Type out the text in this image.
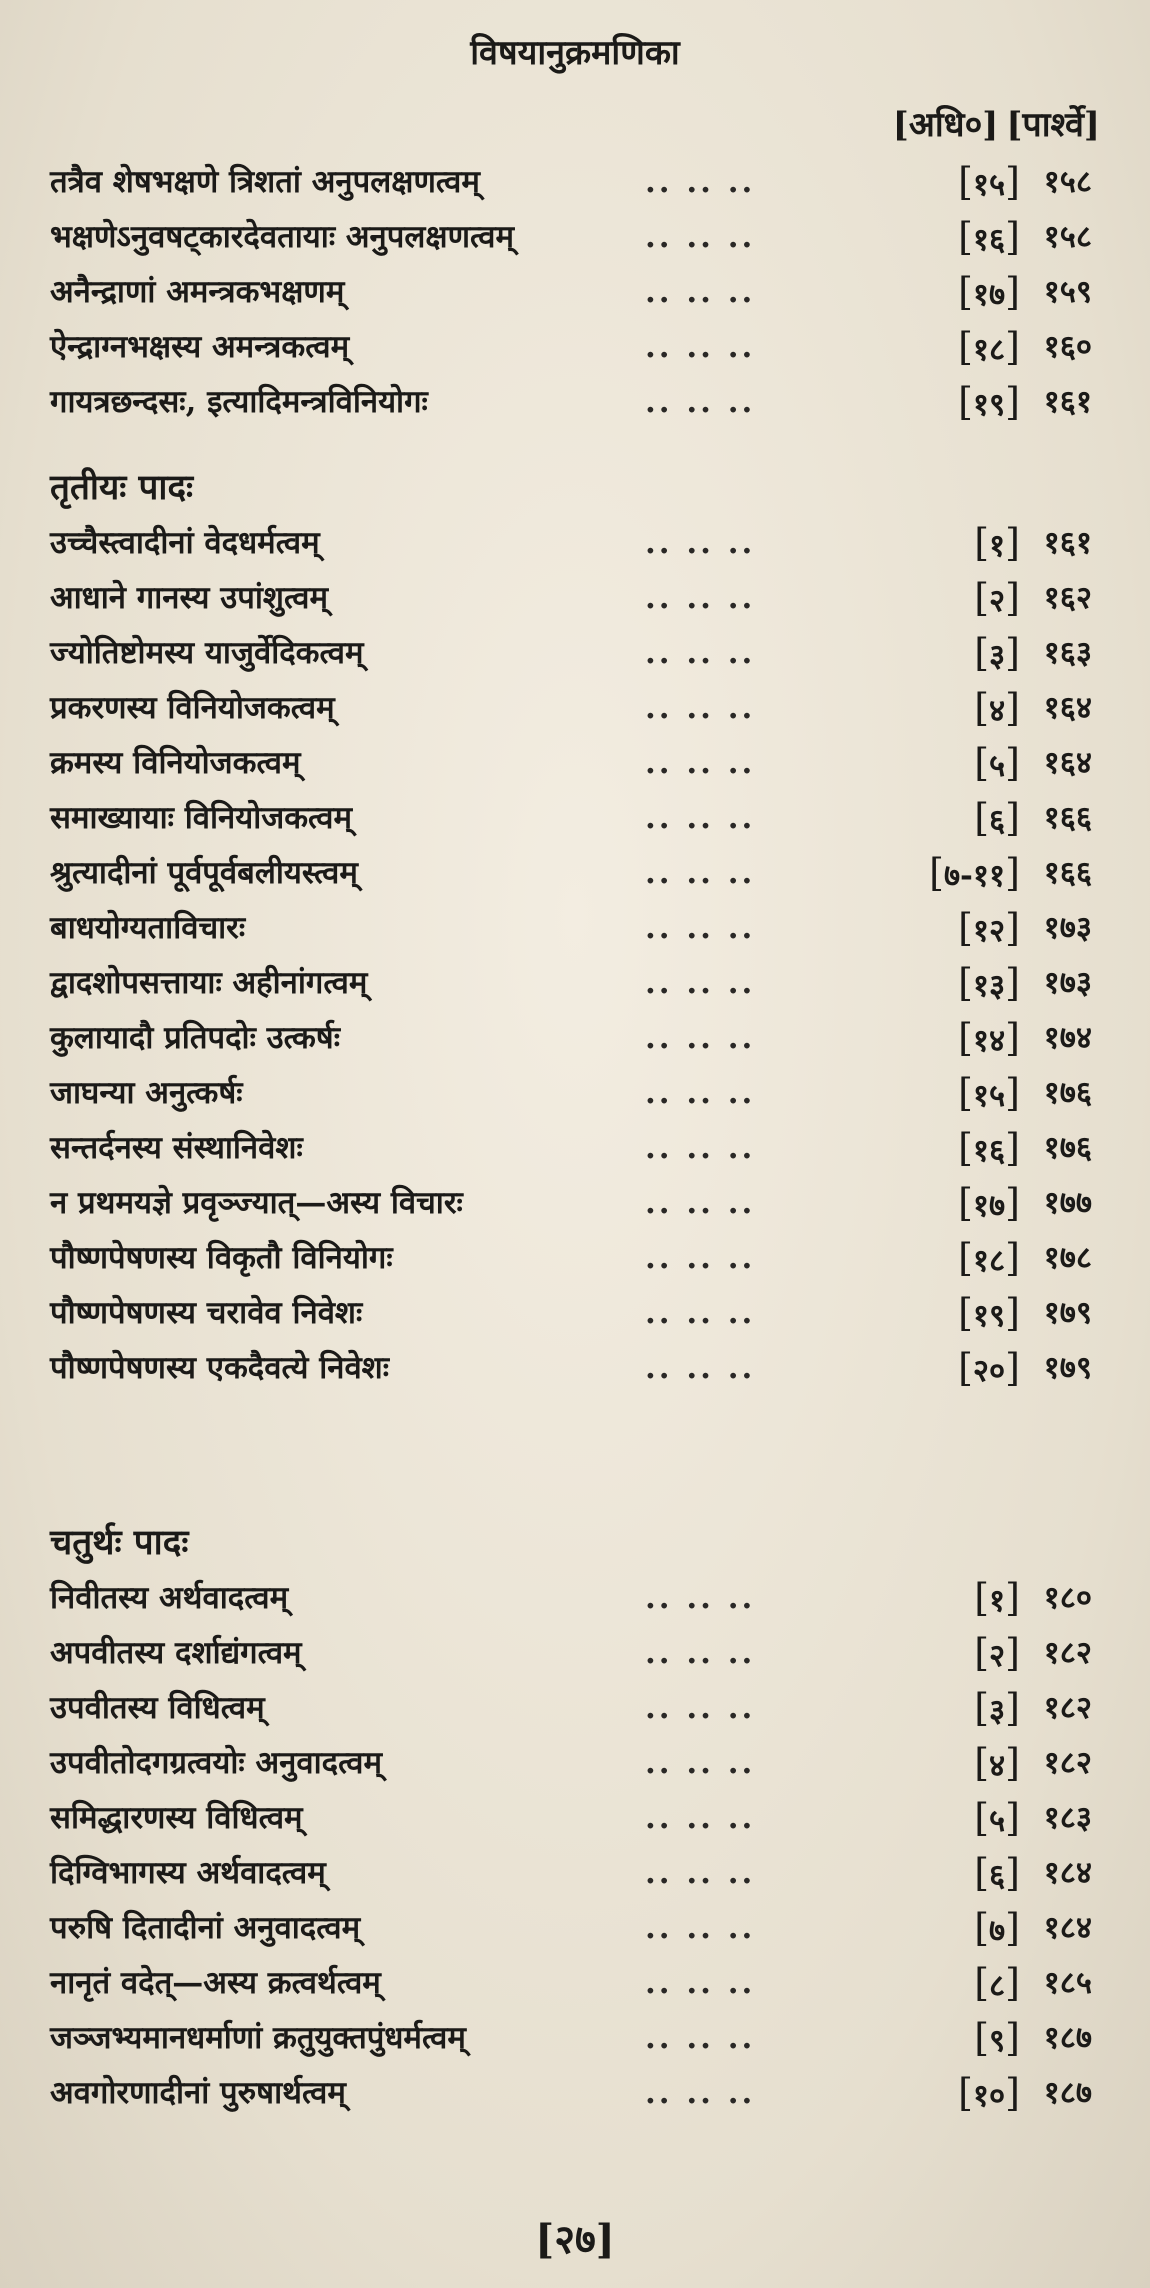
विषयानुक्रमणिका
[अधि०] [पार्श्वे]
तत्रैव शेषभक्षणे त्रिशतां अनुपलक्षणत्वम्	.. .. ..	[१५] १५८
भक्षणेऽनुवषट्कारदेवतायाः अनुपलक्षणत्वम्	.. .. ..	[१६] १५८
अनैन्द्राणां अमन्त्रकभक्षणम्	.. .. ..	[१७] १५९
ऐन्द्राग्नभक्षस्य अमन्त्रकत्वम्	.. .. ..	[१८] १६०
गायत्रछन्दसः, इत्यादिमन्त्रविनियोगः	.. .. ..	[१९] १६१
तृतीयः पादः
उच्चैस्त्वादीनां वेदधर्मत्वम्	.. .. ..	[१] १६१
आधाने गानस्य उपांशुत्वम्	.. .. ..	[२] १६२
ज्योतिष्टोमस्य याजुर्वेदिकत्वम्	.. .. ..	[३] १६३
प्रकरणस्य विनियोजकत्वम्	.. .. ..	[४] १६४
क्रमस्य विनियोजकत्वम्	.. .. ..	[५] १६४
समाख्यायाः विनियोजकत्वम्	.. .. ..	[६] १६६
श्रुत्यादीनां पूर्वपूर्वबलीयस्त्वम्	.. .. ..	[७-११] १६६
बाधयोग्यताविचारः	.. .. ..	[१२] १७३
द्वादशोपसत्तायाः अहीनांगत्वम्	.. .. ..	[१३] १७३
कुलायादौ प्रतिपदोः उत्कर्षः	.. .. ..	[१४] १७४
जाघन्या अनुत्कर्षः	.. .. ..	[१५] १७६
सन्तर्दनस्य संस्थानिवेशः	.. .. ..	[१६] १७६
न प्रथमयज्ञे प्रवृञ्ज्यात्—अस्य विचारः	.. .. ..	[१७] १७७
पौष्णपेषणस्य विकृतौ विनियोगः	.. .. ..	[१८] १७८
पौष्णपेषणस्य चरावेव निवेशः	.. .. ..	[१९] १७९
पौष्णपेषणस्य एकदैवत्ये निवेशः	.. .. ..	[२०] १७९
चतुर्थः पादः
निवीतस्य अर्थवादत्वम्	.. .. ..	[१] १८०
अपवीतस्य दर्शाद्यंगत्वम्	.. .. ..	[२] १८२
उपवीतस्य विधित्वम्	.. .. ..	[३] १८२
उपवीतोदगग्रत्वयोः अनुवादत्वम्	.. .. ..	[४] १८२
समिद्धारणस्य विधित्वम्	.. .. ..	[५] १८३
दिग्विभागस्य अर्थवादत्वम्	.. .. ..	[६] १८४
परुषि दितादीनां अनुवादत्वम्	.. .. ..	[७] १८४
नानृतं वदेत्—अस्य क्रत्वर्थत्वम्	.. .. ..	[८] १८५
जञ्जभ्यमानधर्माणां क्रतुयुक्तपुंधर्मत्वम्	.. .. ..	[९] १८७
अवगोरणादीनां पुरुषार्थत्वम्	.. .. ..	[१०] १८७
[२७]
